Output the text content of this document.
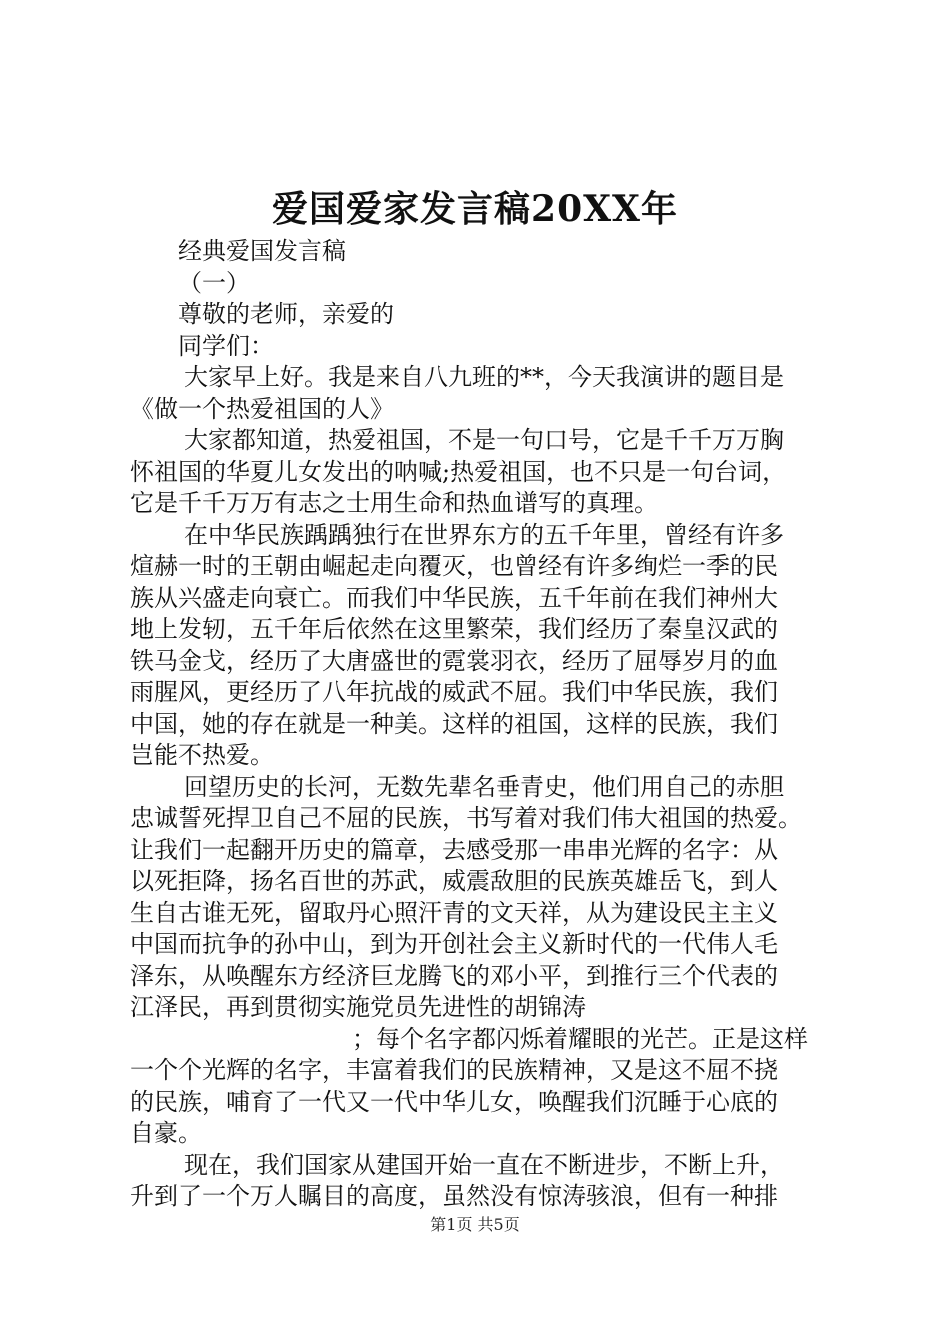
爱国爱家发言稿20XX年
经典爱国发言稿
（一）
尊敬的老师，亲爱的
同学们：
大家早上好。我是来自八九班的**，今天我演讲的题目是
《做一个热爱祖国的人》
大家都知道，热爱祖国，不是一句口号，它是千千万万胸
怀祖国的华夏儿女发出的呐喊;热爱祖国，也不只是一句台词，
它是千千万万有志之士用生命和热血谱写的真理。
在中华民族踽踽独行在世界东方的五千年里，曾经有许多
煊赫一时的王朝由崛起走向覆灭，也曾经有许多绚烂一季的民
族从兴盛走向衰亡。而我们中华民族，五千年前在我们神州大
地上发轫，五千年后依然在这里繁荣，我们经历了秦皇汉武的
铁马金戈，经历了大唐盛世的霓裳羽衣，经历了屈辱岁月的血
雨腥风，更经历了八年抗战的威武不屈。我们中华民族，我们
中国，她的存在就是一种美。这样的祖国，这样的民族，我们
岂能不热爱。
回望历史的长河，无数先辈名垂青史，他们用自己的赤胆
忠诚誓死捍卫自己不屈的民族，书写着对我们伟大祖国的热爱。
让我们一起翻开历史的篇章，去感受那一串串光辉的名字：从
以死拒降，扬名百世的苏武，威震敌胆的民族英雄岳飞，到人
生自古谁无死，留取丹心照汗青的文天祥，从为建设民主主义
中国而抗争的孙中山，到为开创社会主义新时代的一代伟人毛
泽东，从唤醒东方经济巨龙腾飞的邓小平，到推行三个代表的
江泽民，再到贯彻实施党员先进性的胡锦涛
；每个名字都闪烁着耀眼的光芒。正是这样
一个个光辉的名字，丰富着我们的民族精神，又是这不屈不挠
的民族，哺育了一代又一代中华儿女，唤醒我们沉睡于心底的
自豪。
现在，我们国家从建国开始一直在不断进步，不断上升，
升到了一个万人瞩目的高度，虽然没有惊涛骇浪，但有一种排
第1页 共5页
